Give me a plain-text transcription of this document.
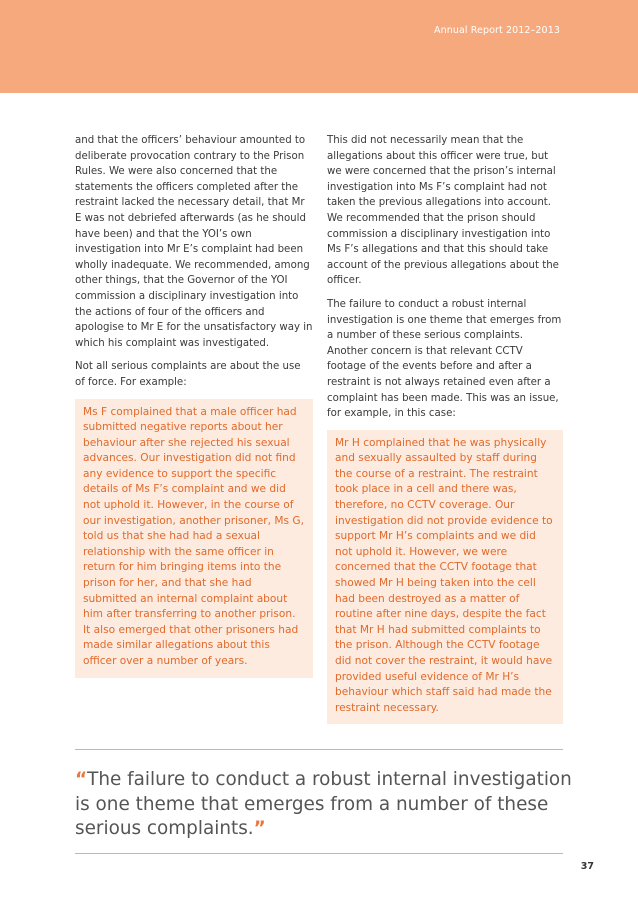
Annual Report 2012–2013

and that the officers’ behaviour amounted to deliberate provocation contrary to the Prison Rules. We were also concerned that the statements the officers completed after the restraint lacked the necessary detail, that Mr E was not debriefed afterwards (as he should have been) and that the YOI’s own investigation into Mr E’s complaint had been wholly inadequate. We recommended, among other things, that the Governor of the YOI commission a disciplinary investigation into the actions of four of the officers and apologise to Mr E for the unsatisfactory way in which his complaint was investigated.

Not all serious complaints are about the use of force. For example:

Ms F complained that a male officer had submitted negative reports about her behaviour after she rejected his sexual advances. Our investigation did not find any evidence to support the specific details of Ms F’s complaint and we did not uphold it. However, in the course of our investigation, another prisoner, Ms G, told us that she had had a sexual relationship with the same officer in return for him bringing items into the prison for her, and that she had submitted an internal complaint about him after transferring to another prison. It also emerged that other prisoners had made similar allegations about this officer over a number of years.

This did not necessarily mean that the allegations about this officer were true, but we were concerned that the prison’s internal investigation into Ms F’s complaint had not taken the previous allegations into account. We recommended that the prison should commission a disciplinary investigation into Ms F’s allegations and that this should take account of the previous allegations about the officer.

The failure to conduct a robust internal investigation is one theme that emerges from a number of these serious complaints. Another concern is that relevant CCTV footage of the events before and after a restraint is not always retained even after a complaint has been made. This was an issue, for example, in this case:

Mr H complained that he was physically and sexually assaulted by staff during the course of a restraint. The restraint took place in a cell and there was, therefore, no CCTV coverage. Our investigation did not provide evidence to support Mr H’s complaints and we did not uphold it. However, we were concerned that the CCTV footage that showed Mr H being taken into the cell had been destroyed as a matter of routine after nine days, despite the fact that Mr H had submitted complaints to the prison. Although the CCTV footage did not cover the restraint, it would have provided useful evidence of Mr H’s behaviour which staff said had made the restraint necessary.
“The failure to conduct a robust internal investigation is one theme that emerges from a number of these serious complaints.”
37
